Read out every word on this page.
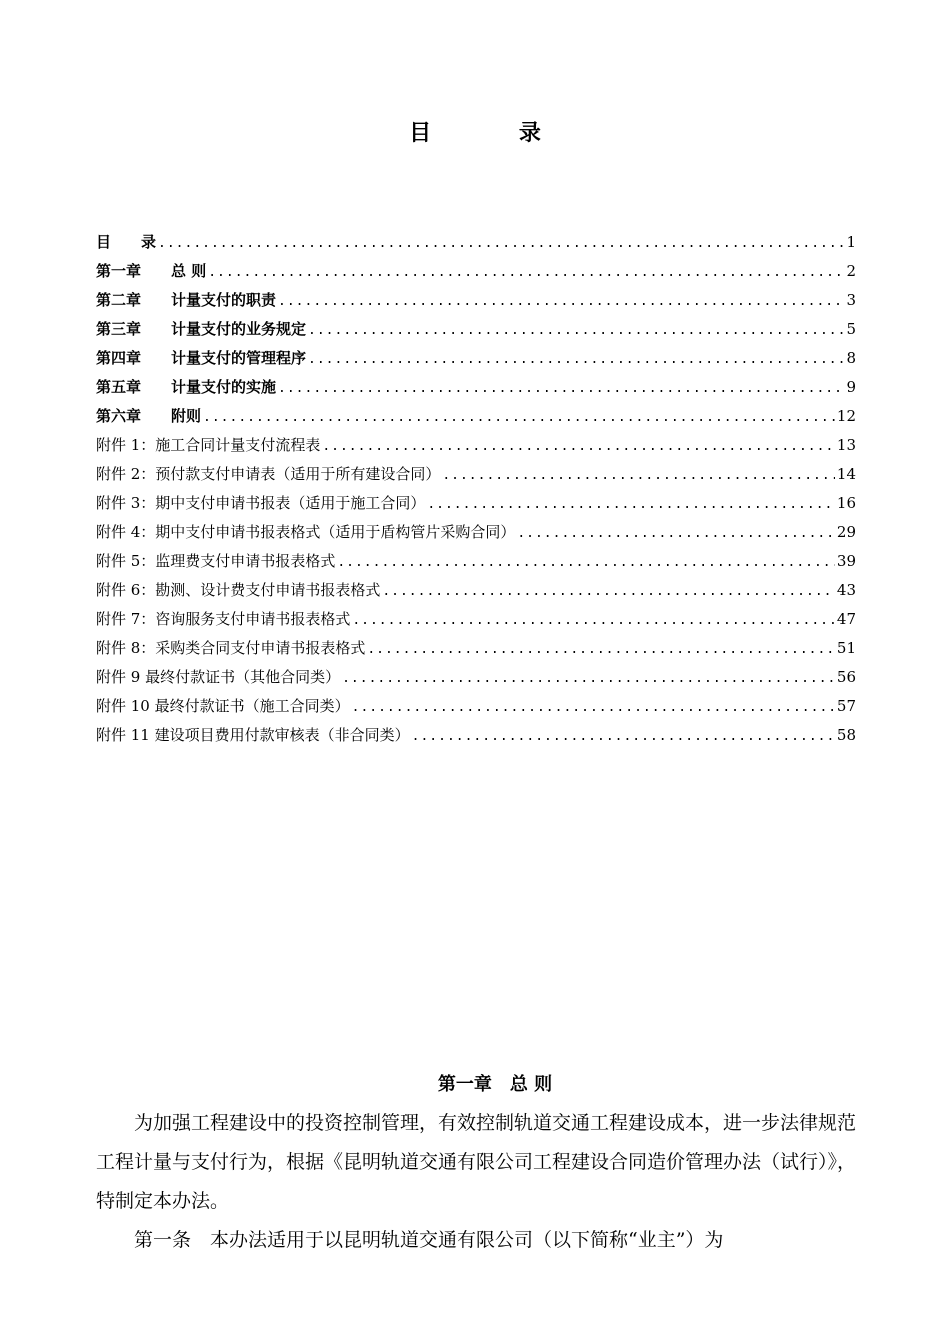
目 录
目　　录 .....	1
第一章　　总 则 .....	2
第二章　　计量支付的职责 .....	3
第三章　　计量支付的业务规定 .....	5
第四章　　计量支付的管理程序 .....	8
第五章　　计量支付的实施 .....	9
第六章　　附则 .....	12
附件 1：施工合同计量支付流程表 .....	13
附件 2：预付款支付申请表（适用于所有建设合同） .....	14
附件 3：期中支付申请书报表（适用于施工合同） .....	16
附件 4：期中支付申请书报表格式（适用于盾构管片采购合同） .....	29
附件 5：监理费支付申请书报表格式 .....	39
附件 6：勘测、设计费支付申请书报表格式 .....	43
附件 7：咨询服务支付申请书报表格式 .....	47
附件 8：采购类合同支付申请书报表格式 .....	51
附件 9 最终付款证书（其他合同类） .....	56
附件 10 最终付款证书（施工合同类） .....	57
附件 11 建设项目费用付款审核表（非合同类） .....	58
第一章　总 则

为加强工程建设中的投资控制管理，有效控制轨道交通工程建设成本，进一步法律规范工程计量与支付行为，根据《昆明轨道交通有限公司工程建设合同造价管理办法（试行）》，特制定本办法。

第一条　本办法适用于以昆明轨道交通有限公司（以下简称“业主”）为
